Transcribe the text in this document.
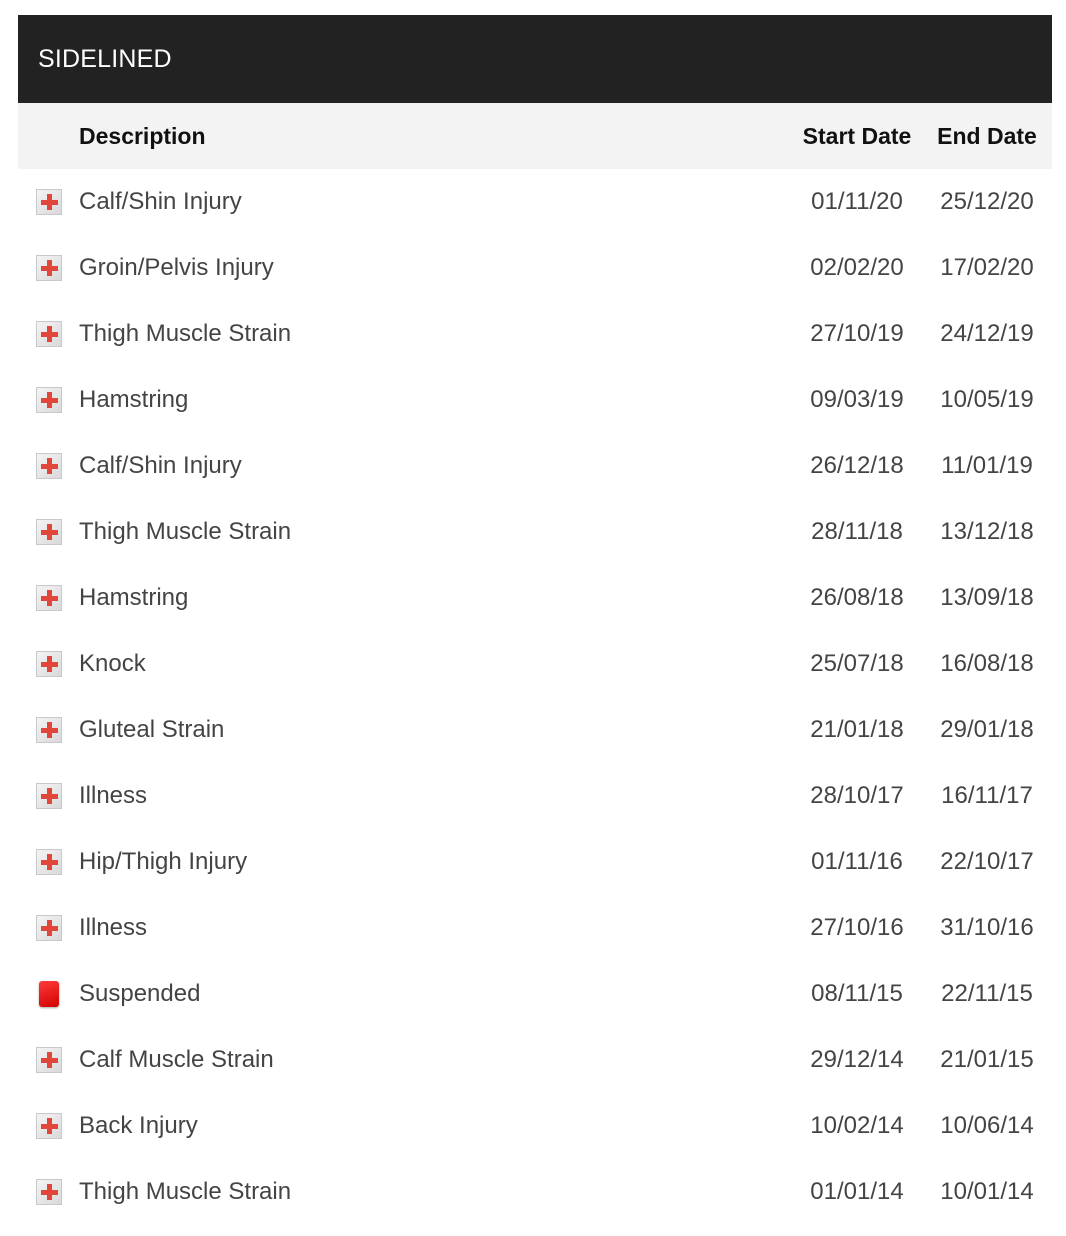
SIDELINED
Description	Start Date	End Date
Calf/Shin Injury	01/11/20	25/12/20
Groin/Pelvis Injury	02/02/20	17/02/20
Thigh Muscle Strain	27/10/19	24/12/19
Hamstring	09/03/19	10/05/19
Calf/Shin Injury	26/12/18	11/01/19
Thigh Muscle Strain	28/11/18	13/12/18
Hamstring	26/08/18	13/09/18
Knock	25/07/18	16/08/18
Gluteal Strain	21/01/18	29/01/18
Illness	28/10/17	16/11/17
Hip/Thigh Injury	01/11/16	22/10/17
Illness	27/10/16	31/10/16
Suspended	08/11/15	22/11/15
Calf Muscle Strain	29/12/14	21/01/15
Back Injury	10/02/14	10/06/14
Thigh Muscle Strain	01/01/14	10/01/14
